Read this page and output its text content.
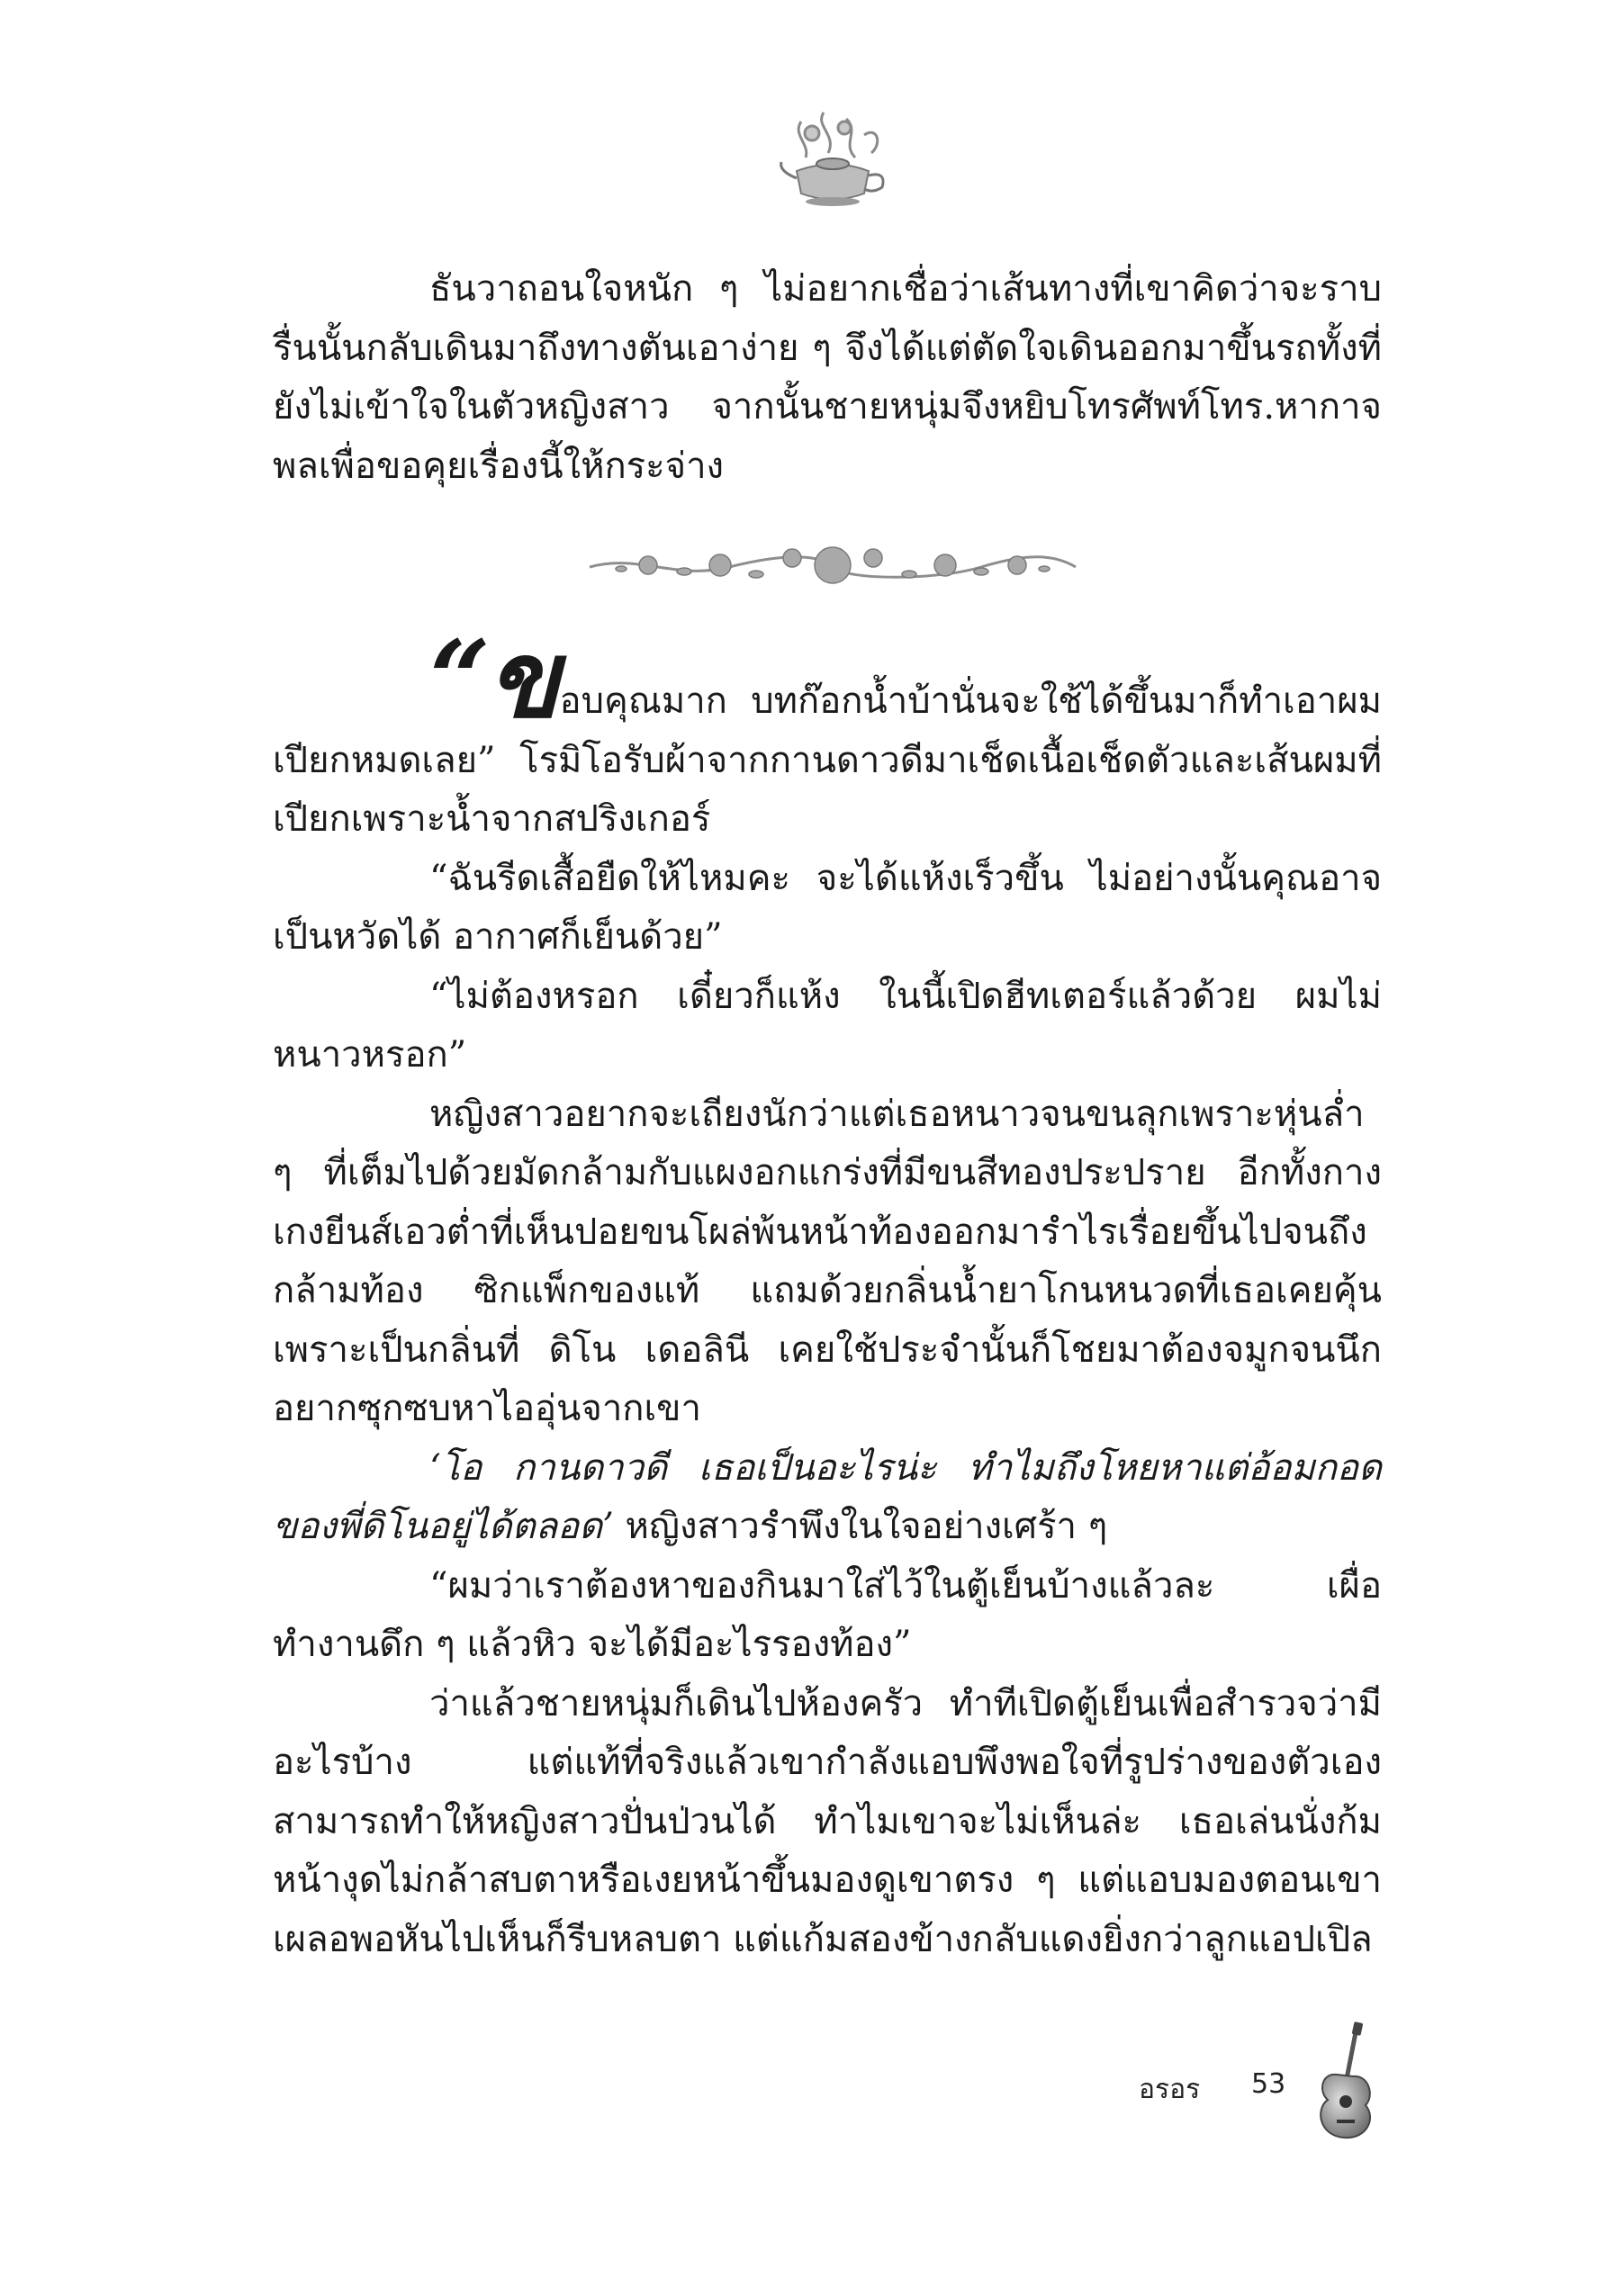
ธันวาถอนใจหนัก ๆ ไม่อยากเชื่อว่าเส้นทางที่เขาคิดว่าจะราบรื่นนั้นกลับเดินมาถึงทางตันเอาง่าย ๆ จึงได้แต่ตัดใจเดินออกมาขึ้นรถทั้งที่ยังไม่เข้าใจในตัวหญิงสาว จากนั้นชายหนุ่มจึงหยิบโทรศัพท์โทร.หากาจพลเพื่อขอคุยเรื่องนี้ให้กระจ่าง

“ขอบคุณมาก บทก๊อกน้ำบ้านั่นจะใช้ได้ขึ้นมาก็ทำเอาผมเปียกหมดเลย” โรมิโอรับผ้าจากกานดาวดีมาเช็ดเนื้อเช็ดตัวและเส้นผมที่เปียกเพราะน้ำจากสปริงเกอร์

“ฉันรีดเสื้อยืดให้ไหมคะ จะได้แห้งเร็วขึ้น ไม่อย่างนั้นคุณอาจเป็นหวัดได้ อากาศก็เย็นด้วย”

“ไม่ต้องหรอก เดี๋ยวก็แห้ง ในนี้เปิดฮีทเตอร์แล้วด้วย ผมไม่หนาวหรอก”

หญิงสาวอยากจะเถียงนักว่าแต่เธอหนาวจนขนลุกเพราะหุ่นล่ำ ๆ ที่เต็มไปด้วยมัดกล้ามกับแผงอกแกร่งที่มีขนสีทองประปราย อีกทั้งกางเกงยีนส์เอวต่ำที่เห็นปอยขนโผล่พ้นหน้าท้องออกมารำไรเรื่อยขึ้นไปจนถึงกล้ามท้อง ซิกแพ็กของแท้ แถมด้วยกลิ่นน้ำยาโกนหนวดที่เธอเคยคุ้น เพราะเป็นกลิ่นที่ ดิโน เดอลินี เคยใช้ประจำนั้นก็โชยมาต้องจมูกจนนึกอยากซุกซบหาไออุ่นจากเขา

‘โอ กานดาวดี เธอเป็นอะไรน่ะ ทำไมถึงโหยหาแต่อ้อมกอดของพี่ดิโนอยู่ได้ตลอด’ หญิงสาวรำพึงในใจอย่างเศร้า ๆ

“ผมว่าเราต้องหาของกินมาใส่ไว้ในตู้เย็นบ้างแล้วละ เผื่อทำงานดึก ๆ แล้วหิว จะได้มีอะไรรองท้อง”

ว่าแล้วชายหนุ่มก็เดินไปห้องครัว ทำทีเปิดตู้เย็นเพื่อสำรวจว่ามีอะไรบ้าง แต่แท้ที่จริงแล้วเขากำลังแอบพึงพอใจที่รูปร่างของตัวเองสามารถทำให้หญิงสาวปั่นป่วนได้ ทำไมเขาจะไม่เห็นล่ะ เธอเล่นนั่งก้มหน้างุดไม่กล้าสบตาหรือเงยหน้าขึ้นมองดูเขาตรง ๆ แต่แอบมองตอนเขาเผลอพอหันไปเห็นก็รีบหลบตา แต่แก้มสองข้างกลับแดงยิ่งกว่าลูกแอปเปิล

อรอร 53
